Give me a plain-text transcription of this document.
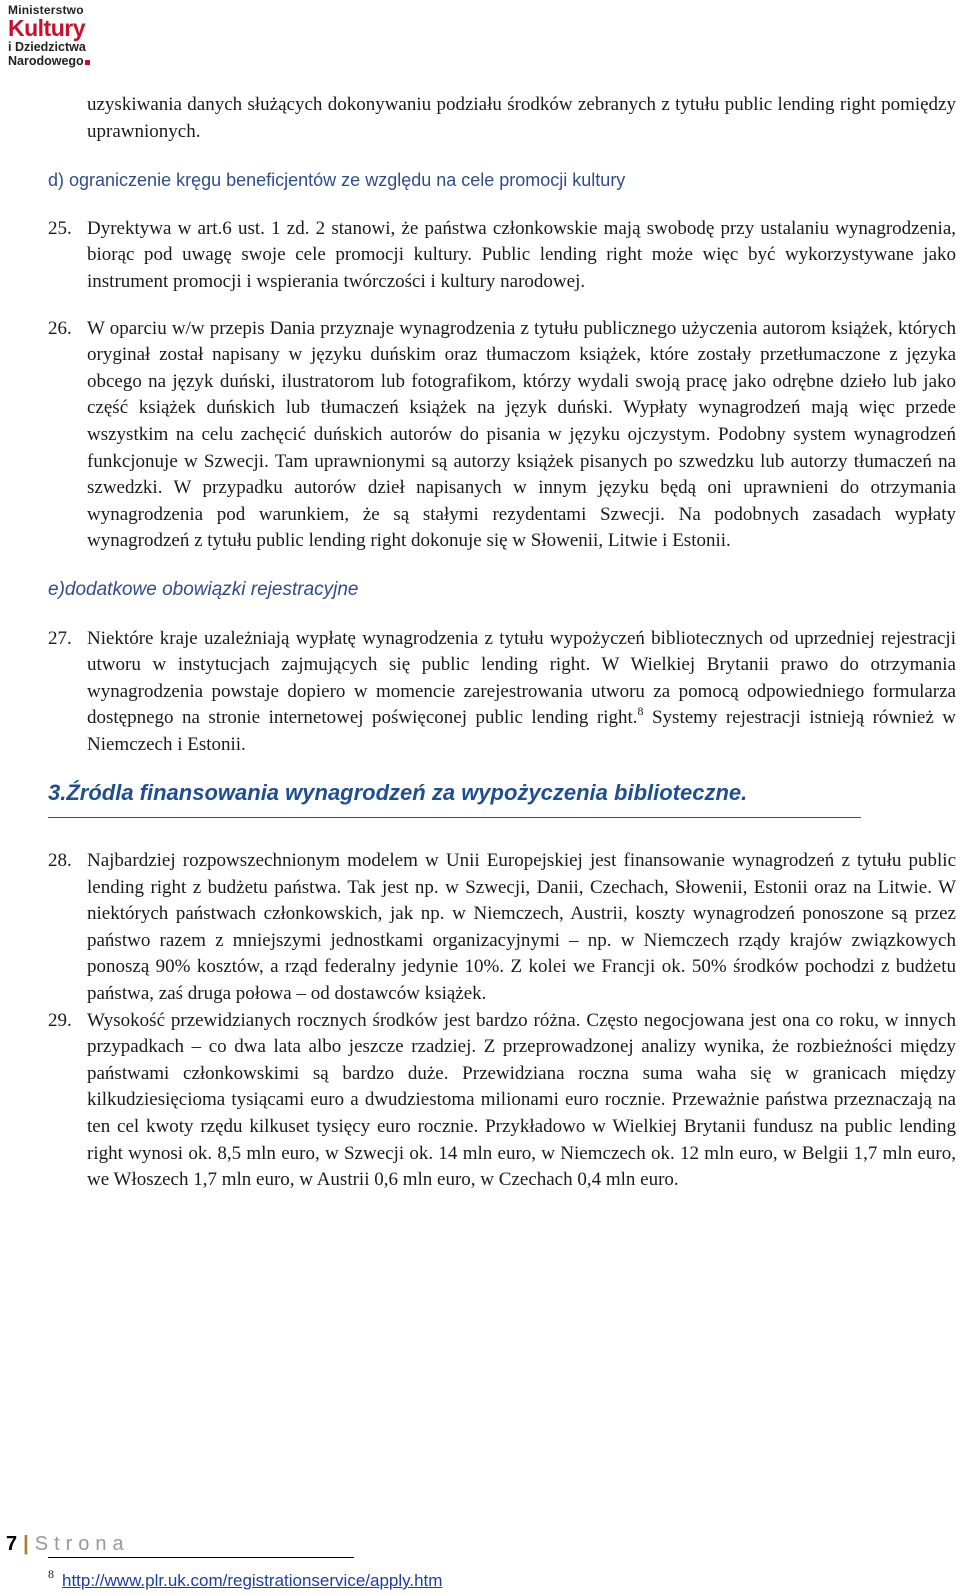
Ministerstwo
Kultury
i Dziedzictwa
Narodowego

uzyskiwania danych służących dokonywaniu podziału środków zebranych z tytułu public lending right pomiędzy uprawnionych.

d) ograniczenie kręgu beneficjentów ze względu na cele promocji kultury

25. Dyrektywa w art.6 ust. 1 zd. 2 stanowi, że państwa członkowskie mają swobodę przy ustalaniu wynagrodzenia, biorąc pod uwagę swoje cele promocji kultury. Public lending right może więc być wykorzystywane jako instrument promocji i wspierania twórczości i kultury narodowej.

26. W oparciu w/w przepis Dania przyznaje wynagrodzenia z tytułu publicznego użyczenia autorom książek, których oryginał został napisany w języku duńskim oraz tłumaczom książek, które zostały przetłumaczone z języka obcego na język duński, ilustratorom lub fotografikom, którzy wydali swoją pracę jako odrębne dzieło lub jako część książek duńskich lub tłumaczeń książek na język duński. Wypłaty wynagrodzeń mają więc przede wszystkim na celu zachęcić duńskich autorów do pisania w języku ojczystym. Podobny system wynagrodzeń funkcjonuje w Szwecji. Tam uprawnionymi są autorzy książek pisanych po szwedzku lub autorzy tłumaczeń na szwedzki. W przypadku autorów dzieł napisanych w innym języku będą oni uprawnieni do otrzymania wynagrodzenia pod warunkiem, że są stałymi rezydentami Szwecji. Na podobnych zasadach wypłaty wynagrodzeń z tytułu public lending right dokonuje się w Słowenii, Litwie i Estonii.

e)dodatkowe obowiązki rejestracyjne

27. Niektóre kraje uzależniają wypłatę wynagrodzenia z tytułu wypożyczeń bibliotecznych od uprzedniej rejestracji utworu w instytucjach zajmujących się public lending right. W Wielkiej Brytanii prawo do otrzymania wynagrodzenia powstaje dopiero w momencie zarejestrowania utworu za pomocą odpowiedniego formularza dostępnego na stronie internetowej poświęconej public lending right.$^8$ Systemy rejestracji istnieją również w Niemczech i Estonii.

3.Źródla finansowania wynagrodzeń za wypożyczenia biblioteczne.

28. Najbardziej rozpowszechnionym modelem w Unii Europejskiej jest finansowanie wynagrodzeń z tytułu public lending right z budżetu państwa. Tak jest np. w Szwecji, Danii, Czechach, Słowenii, Estonii oraz na Litwie. W niektórych państwach członkowskich, jak np. w Niemczech, Austrii, koszty wynagrodzeń ponoszone są przez państwo razem z mniejszymi jednostkami organizacyjnymi – np. w Niemczech rządy krajów związkowych ponoszą 90% kosztów, a rząd federalny jedynie 10%. Z kolei we Francji ok. 50% środków pochodzi z budżetu państwa, zaś druga połowa – od dostawców książek.

29. Wysokość przewidzianych rocznych środków jest bardzo różna. Często negocjowana jest ona co roku, w innych przypadkach – co dwa lata albo jeszcze rzadziej. Z przeprowadzonej analizy wynika, że rozbieżności między państwami członkowskimi są bardzo duże. Przewidziana roczna suma waha się w granicach między kilkudziesięcioma tysiącami euro a dwudziestoma milionami euro rocznie. Przeważnie państwa przeznaczają na ten cel kwoty rzędu kilkuset tysięcy euro rocznie. Przykładowo w Wielkiej Brytanii fundusz na public lending right wynosi ok. 8,5 mln euro, w Szwecji ok. 14 mln euro, w Niemczech ok. 12 mln euro, w Belgii 1,7 mln euro, we Włoszech 1,7 mln euro, w Austrii 0,6 mln euro, w Czechach 0,4 mln euro.

$^8$ http://www.plr.uk.com/registrationservice/apply.htm
7 | Strona
